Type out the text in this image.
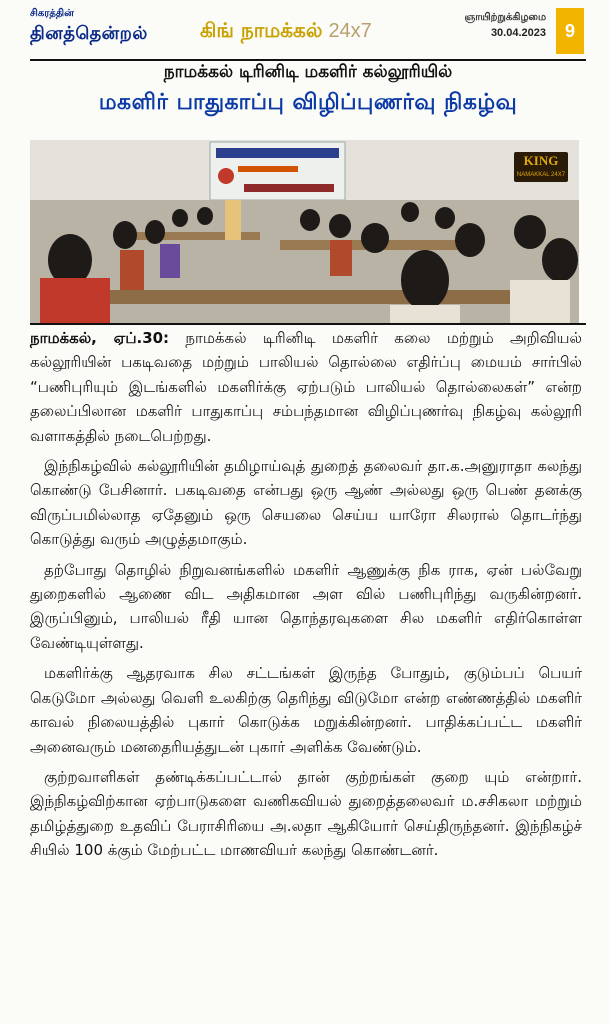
சிகரத்தின்
தினத்தென்றல்	கிங் நாமக்கல் 24x7
ஞாயிற்றுக்கிழமை
30.04.2023	9
நாமக்கல் டிரினிடி மகளிர் கல்லூரியில்
மகளிர் பாதுகாப்பு விழிப்புணர்வு நிகழ்வு
KING
NAMAKKAL 24X7

நாமக்கல், ஏப்.30: நாமக்கல் டிரினிடி மகளிர் கலை மற்றும் அறிவியல் கல்லூரியின் பகடிவதை மற்றும் பாலியல் தொல்லை எதிர்ப்பு மையம் சார்பில் “பணிபுரியும் இடங்களில் மகளிர்க்கு ஏற்படும் பாலியல் தொல்லைகள்” என்ற தலைப்பிலான மகளிர் பாதுகாப்பு சம்பந்தமான விழிப்புணர்வு நிகழ்வு கல்லூரி வளாகத்தில் நடைபெற்றது.

இந்நிகழ்வில் கல்லூரியின் தமிழாய்வுத் துறைத் தலைவர் தா.க.அனுராதா கலந்து கொண்டு பேசினார். பகடிவதை என்பது ஒரு ஆண் அல்லது ஒரு பெண் தனக்கு விருப்பமில்லாத ஏதேனும் ஒரு செயலை செய்ய யாரோ சிலரால் தொடர்ந்து கொடுத்து வரும் அழுத்தமாகும்.

தற்போது தொழில் நிறுவனங்களில் மகளிர் ஆணுக்கு நிக ராக, ஏன் பல்வேறு துறைகளில் ஆணை விட அதிகமான அள வில் பணிபுரிந்து வருகின்றனர். இருப்பினும், பாலியல் ரீதி யான தொந்தரவுகளை சில மகளிர் எதிர்கொள்ள வேண்டியுள்ளது.

மகளிர்க்கு ஆதரவாக சில சட்டங்கள் இருந்த போதும், குடும்பப் பெயர் கெடுமோ அல்லது வெளி உலகிற்கு தெரிந்து விடுமோ என்ற எண்ணத்தில் மகளிர் காவல் நிலையத்தில் புகார் கொடுக்க மறுக்கின்றனர். பாதிக்கப்பட்ட மகளிர் அனைவரும் மனதைரியத்துடன் புகார் அளிக்க வேண்டும்.

குற்றவாளிகள் தண்டிக்கப்பட்டால் தான் குற்றங்கள் குறை யும் என்றார். இந்நிகழ்விற்கான ஏற்பாடுகளை வணிகவியல் துறைத்தலைவர் ம.சசிகலா மற்றும் தமிழ்த்துறை உதவிப் பேராசிரியை அ.லதா ஆகியோர் செய்திருந்தனர். இந்நிகழ்ச் சியில் 100 க்கும் மேற்பட்ட மாணவியர் கலந்து கொண்டனர்.
